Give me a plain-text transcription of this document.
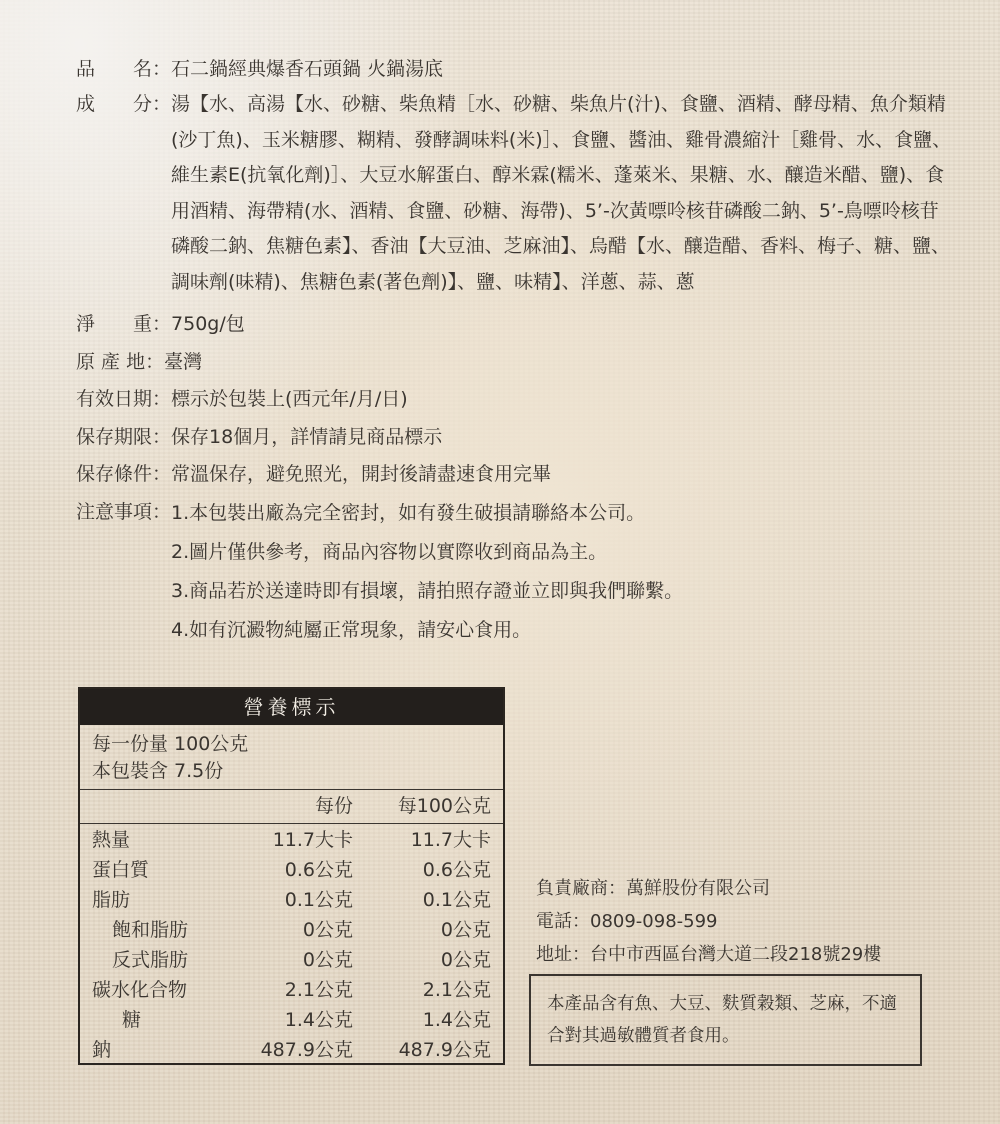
品　　名： 石二鍋經典爆香石頭鍋 火鍋湯底
成　　分： 湯【水、高湯【水、砂糖、柴魚精［水、砂糖、柴魚片(汁)、食鹽、酒精、酵母精、魚介類精(沙丁魚)、玉米糖膠、糊精、發酵調味料(米)］、食鹽、醬油、雞骨濃縮汁［雞骨、水、食鹽、維生素E(抗氧化劑)］、大豆水解蛋白、醇米霖(糯米、蓬萊米、果糖、水、釀造米醋、鹽)、食用酒精、海帶精(水、酒精、食鹽、砂糖、海帶)、5’-次黃嘌呤核苷磷酸二鈉、5’-鳥嘌呤核苷磷酸二鈉、焦糖色素】、香油【大豆油、芝麻油】、烏醋【水、釀造醋、香料、梅子、糖、鹽、調味劑(味精)、焦糖色素(著色劑)】、鹽、味精】、洋蔥、蒜、蔥
淨　　重： 750g/包
原 產 地： 臺灣
有效日期： 標示於包裝上(西元年/月/日)
保存期限： 保存18個月，詳情請見商品標示
保存條件： 常溫保存，避免照光，開封後請盡速食用完畢
注意事項： 1.本包裝出廠為完全密封，如有發生破損請聯絡本公司。
2.圖片僅供參考，商品內容物以實際收到商品為主。
3.商品若於送達時即有損壞，請拍照存證並立即與我們聯繫。
4.如有沉澱物純屬正常現象，請安心食用。
營養標示
每一份量 100公克
本包裝含 7.5份
每份 每100公克
熱量	11.7大卡	11.7大卡
蛋白質	0.6公克	0.6公克
脂肪	0.1公克	0.1公克
飽和脂肪	0公克	0公克
反式脂肪	0公克	0公克
碳水化合物	2.1公克	2.1公克
糖	1.4公克	1.4公克
鈉	487.9公克 487.9公克
負責廠商：萬鮮股份有限公司
電話：0809-098-599
地址：台中市西區台灣大道二段218號29樓
本產品含有魚、大豆、麩質穀類、芝麻，不適合對其過敏體質者食用。
